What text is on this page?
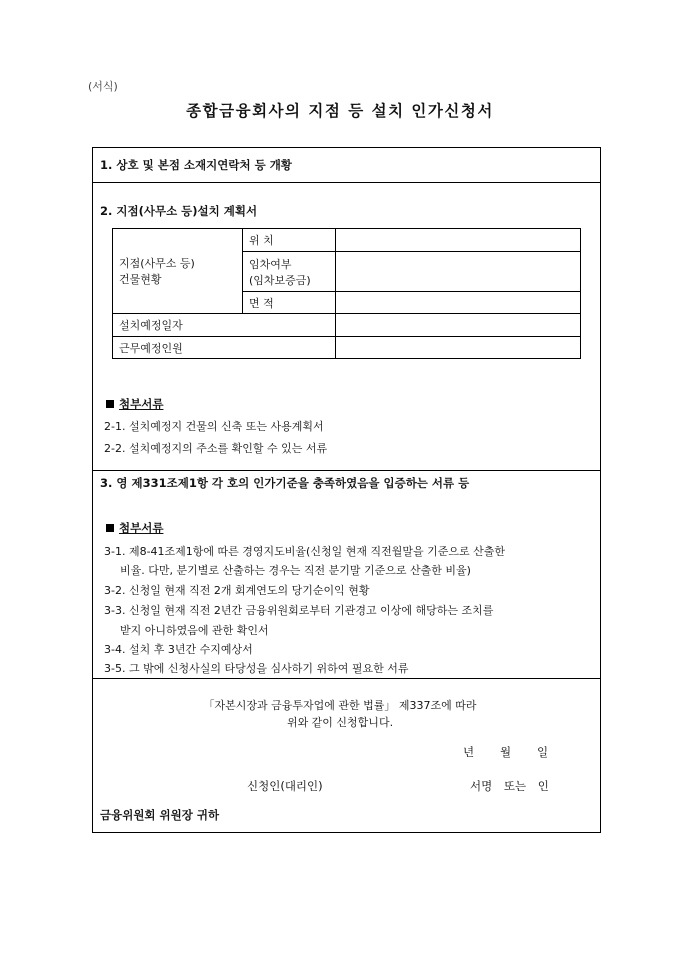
(서식)
종합금융회사의 지점 등 설치 인가신청서
1. 상호 및 본점 소재지연락처 등 개황
2. 지점(사무소 등)설치 계획서
지점(사무소 등)
건물현황	위 치	

	임차여부
(임차보증금)	

	면 적	
설치예정일자		
근무예정인원		
첨부서류
2-1. 설치예정지 건물의 신축 또는 사용계획서
2-2. 설치예정지의 주소를 확인할 수 있는 서류
3. 영 제331조제1항 각 호의 인가기준을 충족하였음을 입증하는 서류 등
첨부서류
3-1. 제8-41조제1항에 따른 경영지도비율(신청일 현재 직전월말을 기준으로 산출한
비율. 다만, 분기별로 산출하는 경우는 직전 분기말 기준으로 산출한 비율)
3-2. 신청일 현재 직전 2개 회계연도의 당기순이익 현황
3-3. 신청일 현재 직전 2년간 금융위원회로부터 기관경고 이상에 해당하는 조치를
받지 아니하였음에 관한 확인서
3-4. 설치 후 3년간 수지예상서
3-5. 그 밖에 신청사실의 타당성을 심사하기 위하여 필요한 서류
「자본시장과 금융투자업에 관한 법률」 제337조에 따라
위와 같이 신청합니다.
년 월 일
신청인(대리인)	서명 또는 인
금융위원회 위원장 귀하
